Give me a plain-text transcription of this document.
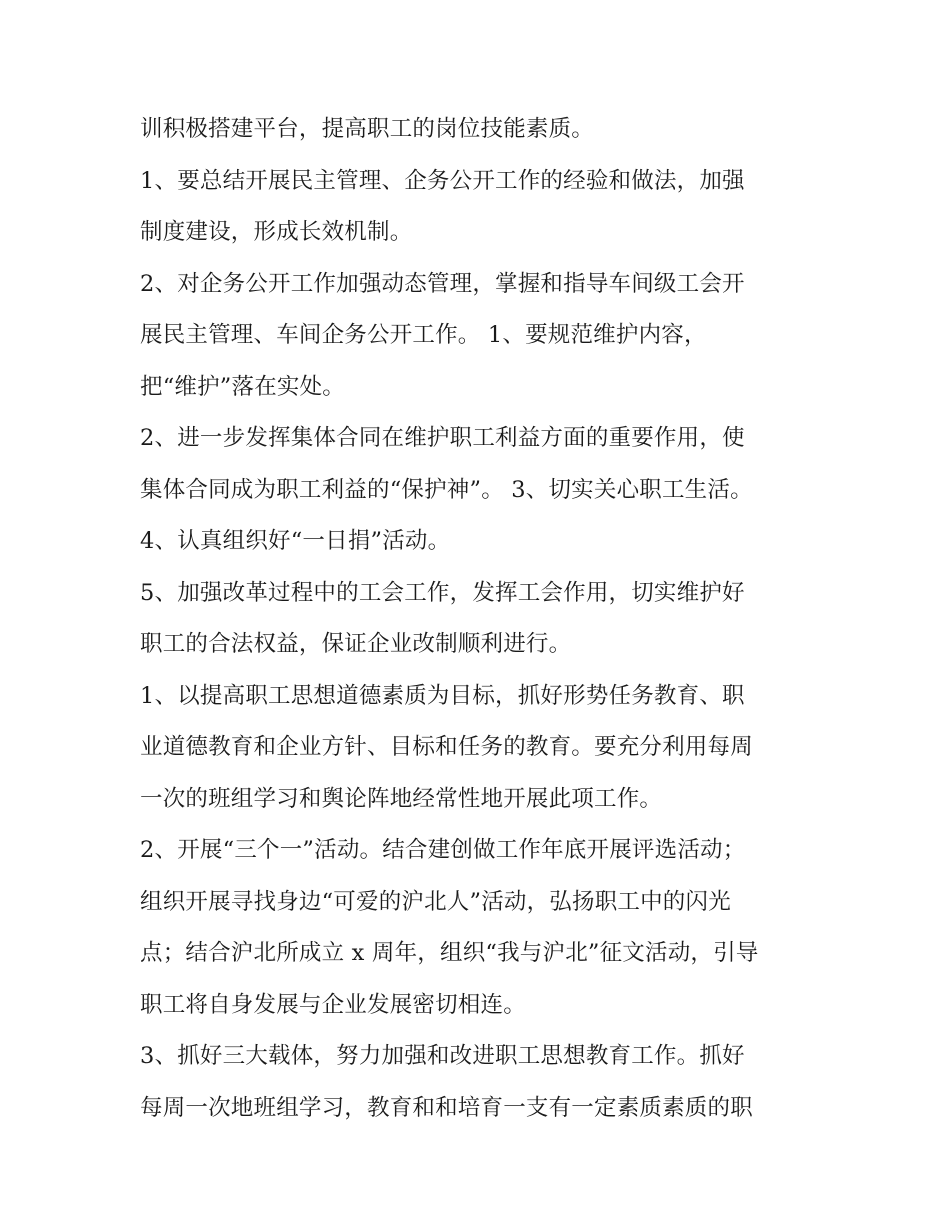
训积极搭建平台，提高职工的岗位技能素质。
1、要总结开展民主管理、企务公开工作的经验和做法，加强
制度建设，形成长效机制。
2、对企务公开工作加强动态管理，掌握和指导车间级工会开
展民主管理、车间企务公开工作。 1、要规范维护内容，
把“维护”落在实处。
2、进一步发挥集体合同在维护职工利益方面的重要作用，使
集体合同成为职工利益的“保护神”。 3、切实关心职工生活。
4、认真组织好“一日捐”活动。
5、加强改革过程中的工会工作，发挥工会作用，切实维护好
职工的合法权益，保证企业改制顺利进行。
1、以提高职工思想道德素质为目标，抓好形势任务教育、职
业道德教育和企业方针、目标和任务的教育。要充分利用每周
一次的班组学习和舆论阵地经常性地开展此项工作。
2、开展“三个一”活动。结合建创做工作年底开展评选活动；
组织开展寻找身边“可爱的沪北人”活动，弘扬职工中的闪光
点；结合沪北所成立 x 周年，组织“我与沪北”征文活动，引导
职工将自身发展与企业发展密切相连。
3、抓好三大载体，努力加强和改进职工思想教育工作。抓好
每周一次地班组学习，教育和和培育一支有一定素质素质的职
